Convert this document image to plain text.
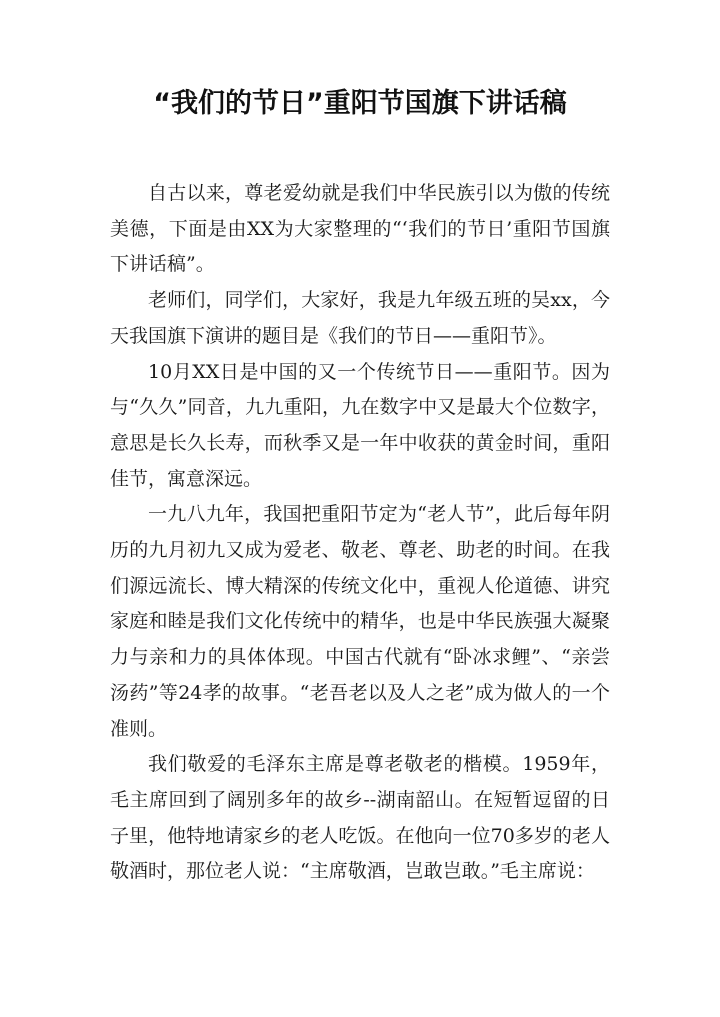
“我们的节日”重阳节国旗下讲话稿

自古以来，尊老爱幼就是我们中华民族引以为傲的传统美德，下面是由XX为大家整理的“‘我们的节日’重阳节国旗下讲话稿”。

老师们，同学们，大家好，我是九年级五班的吴xx，今天我国旗下演讲的题目是《我们的节日——重阳节》。

10月XX日是中国的又一个传统节日——重阳节。因为与“久久”同音，九九重阳，九在数字中又是最大个位数字，意思是长久长寿，而秋季又是一年中收获的黄金时间，重阳佳节，寓意深远。

一九八九年，我国把重阳节定为“老人节”，此后每年阴历的九月初九又成为爱老、敬老、尊老、助老的时间。在我们源远流长、博大精深的传统文化中，重视人伦道德、讲究家庭和睦是我们文化传统中的精华，也是中华民族强大凝聚力与亲和力的具体体现。中国古代就有“卧冰求鲤”、“亲尝汤药”等24孝的故事。“老吾老以及人之老”成为做人的一个准则。

我们敬爱的毛泽东主席是尊老敬老的楷模。1959年，毛主席回到了阔别多年的故乡--湖南韶山。在短暂逗留的日子里，他特地请家乡的老人吃饭。在他向一位70多岁的老人敬酒时，那位老人说：“主席敬酒，岂敢岂敢。”毛主席说：
